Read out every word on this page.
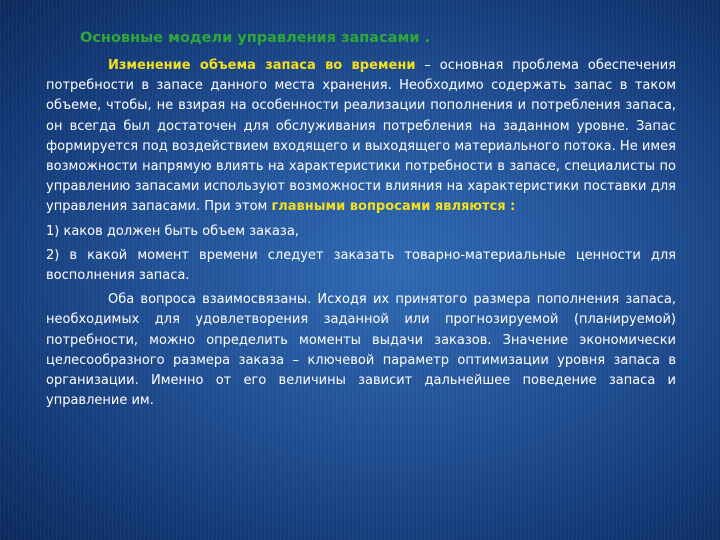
Основные модели управления запасами .

Изменение объема запаса во времени – основная проблема обеспечения потребности в запасе данного места хранения. Необходимо содержать запас в таком объеме, чтобы, не взирая на особенности реализации пополнения и потребления запаса, он всегда был достаточен для обслуживания потребления на заданном уровне. Запас формируется под воздействием входящего и выходящего материального потока. Не имея возможности напрямую влиять на характеристики потребности в запасе, специалисты по управлению запасами используют возможности влияния на характеристики поставки для управления запасами. При этом главными вопросами являются :

1) каков должен быть объем заказа,

2) в какой момент времени следует заказать товарно-материальные ценности для восполнения запаса.

Оба вопроса взаимосвязаны. Исходя их принятого размера пополнения запаса, необходимых для удовлетворения заданной или прогнозируемой (планируемой) потребности, можно определить моменты выдачи заказов. Значение экономически целесообразного размера заказа – ключевой параметр оптимизации уровня запаса в организации. Именно от его величины зависит дальнейшее поведение запаса и управление им.
